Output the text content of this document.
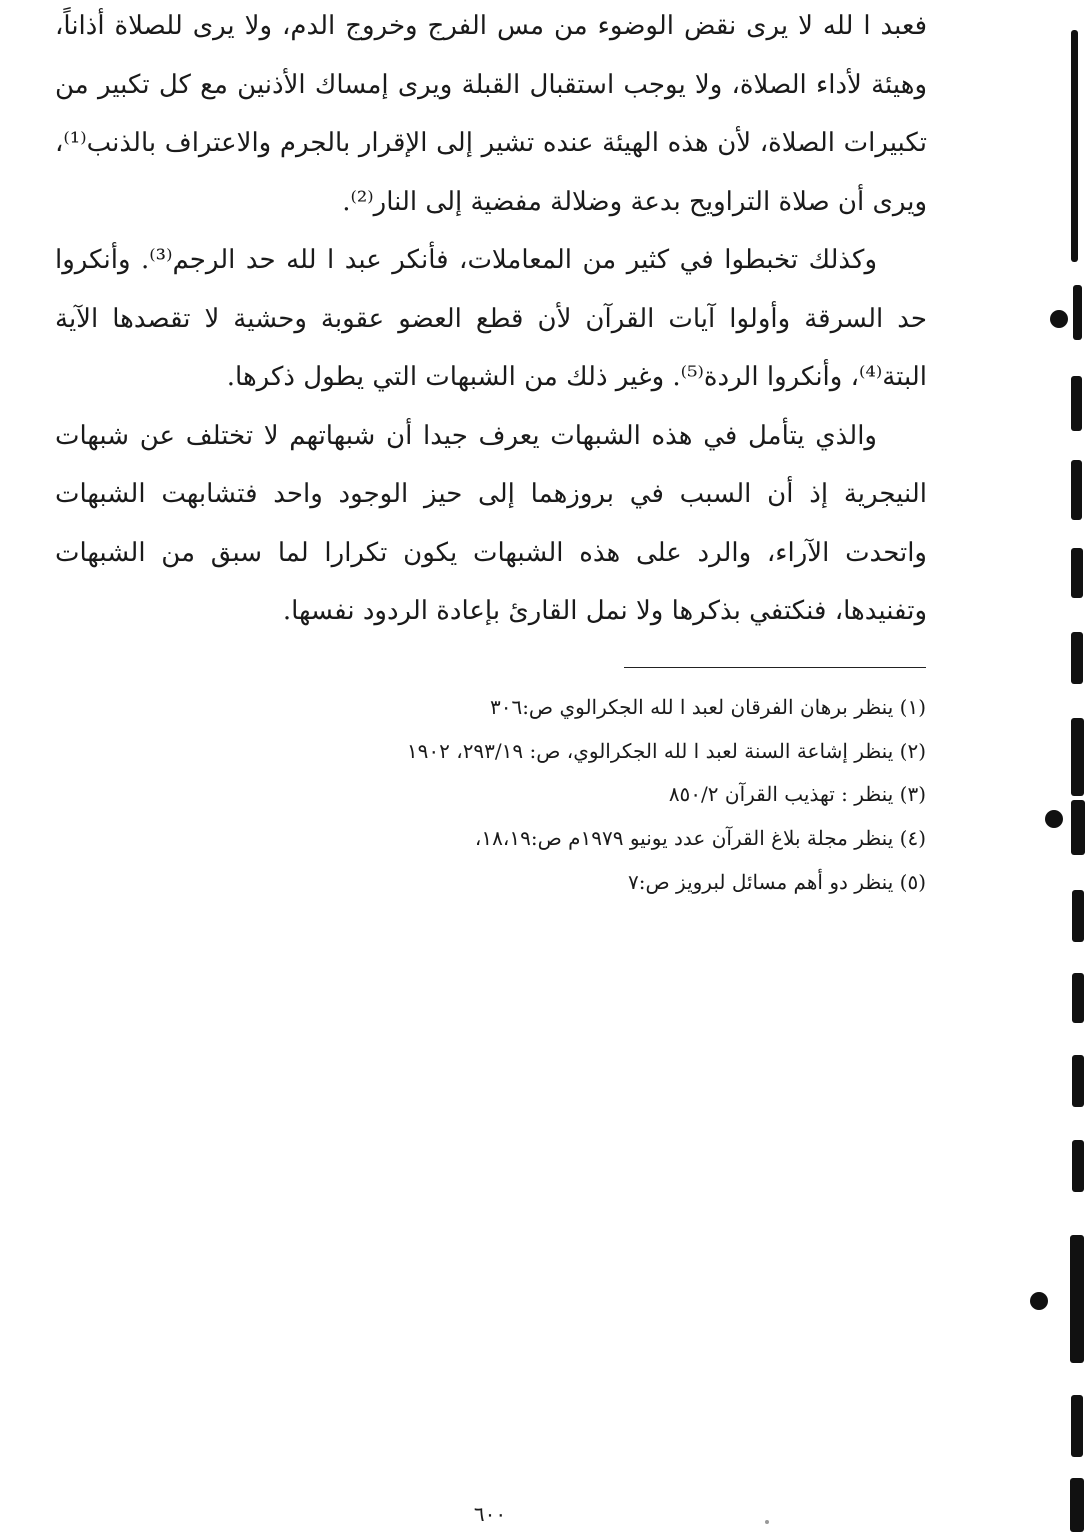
فعبد ا لله لا يرى نقض الوضوء من مس الفرج وخروج الدم، ولا يرى للصلاة أذاناً، وهيئة لأداء الصلاة، ولا يوجب استقبال القبلة ويرى إمساك الأذنين مع كل تكبير من تكبيرات الصلاة، لأن هذه الهيئة عنده تشير إلى الإقرار بالجرم والاعتراف بالذنب⁽¹⁾، ويرى أن صلاة التراويح بدعة وضلالة مفضية إلى النار⁽²⁾.

وكذلك تخبطوا في كثير من المعاملات، فأنكر عبد ا لله حد الرجم⁽³⁾. وأنكروا حد السرقة وأولوا آيات القرآن لأن قطع العضو عقوبة وحشية لا تقصدها الآية البتة⁽⁴⁾، وأنكروا الردة⁽⁵⁾. وغير ذلك من الشبهات التي يطول ذكرها.

والذي يتأمل في هذه الشبهات يعرف جيدا أن شبهاتهم لا تختلف عن شبهات النيجرية إذ أن السبب في بروزهما إلى حيز الوجود واحد فتشابهت الشبهات واتحدت الآراء، والرد على هذه الشبهات يكون تكرارا لما سبق من الشبهات وتفنيدها، فنكتفي بذكرها ولا نمل القارئ بإعادة الردود نفسها.

(١) ينظر برهان الفرقان لعبد ا لله الجكرالوي ص:٣٠٦

(٢) ينظر إشاعة السنة لعبد ا لله الجكرالوي، ص: ٢٩٣/١٩، ١٩٠٢

(٣) ينظر : تهذيب القرآن ٨٥٠/٢

(٤) ينظر مجلة بلاغ القرآن عدد يونيو ١٩٧٩م ص:١٨،١٩،

(٥) ينظر دو أهم مسائل لبرويز ص:٧

٦٠٠
